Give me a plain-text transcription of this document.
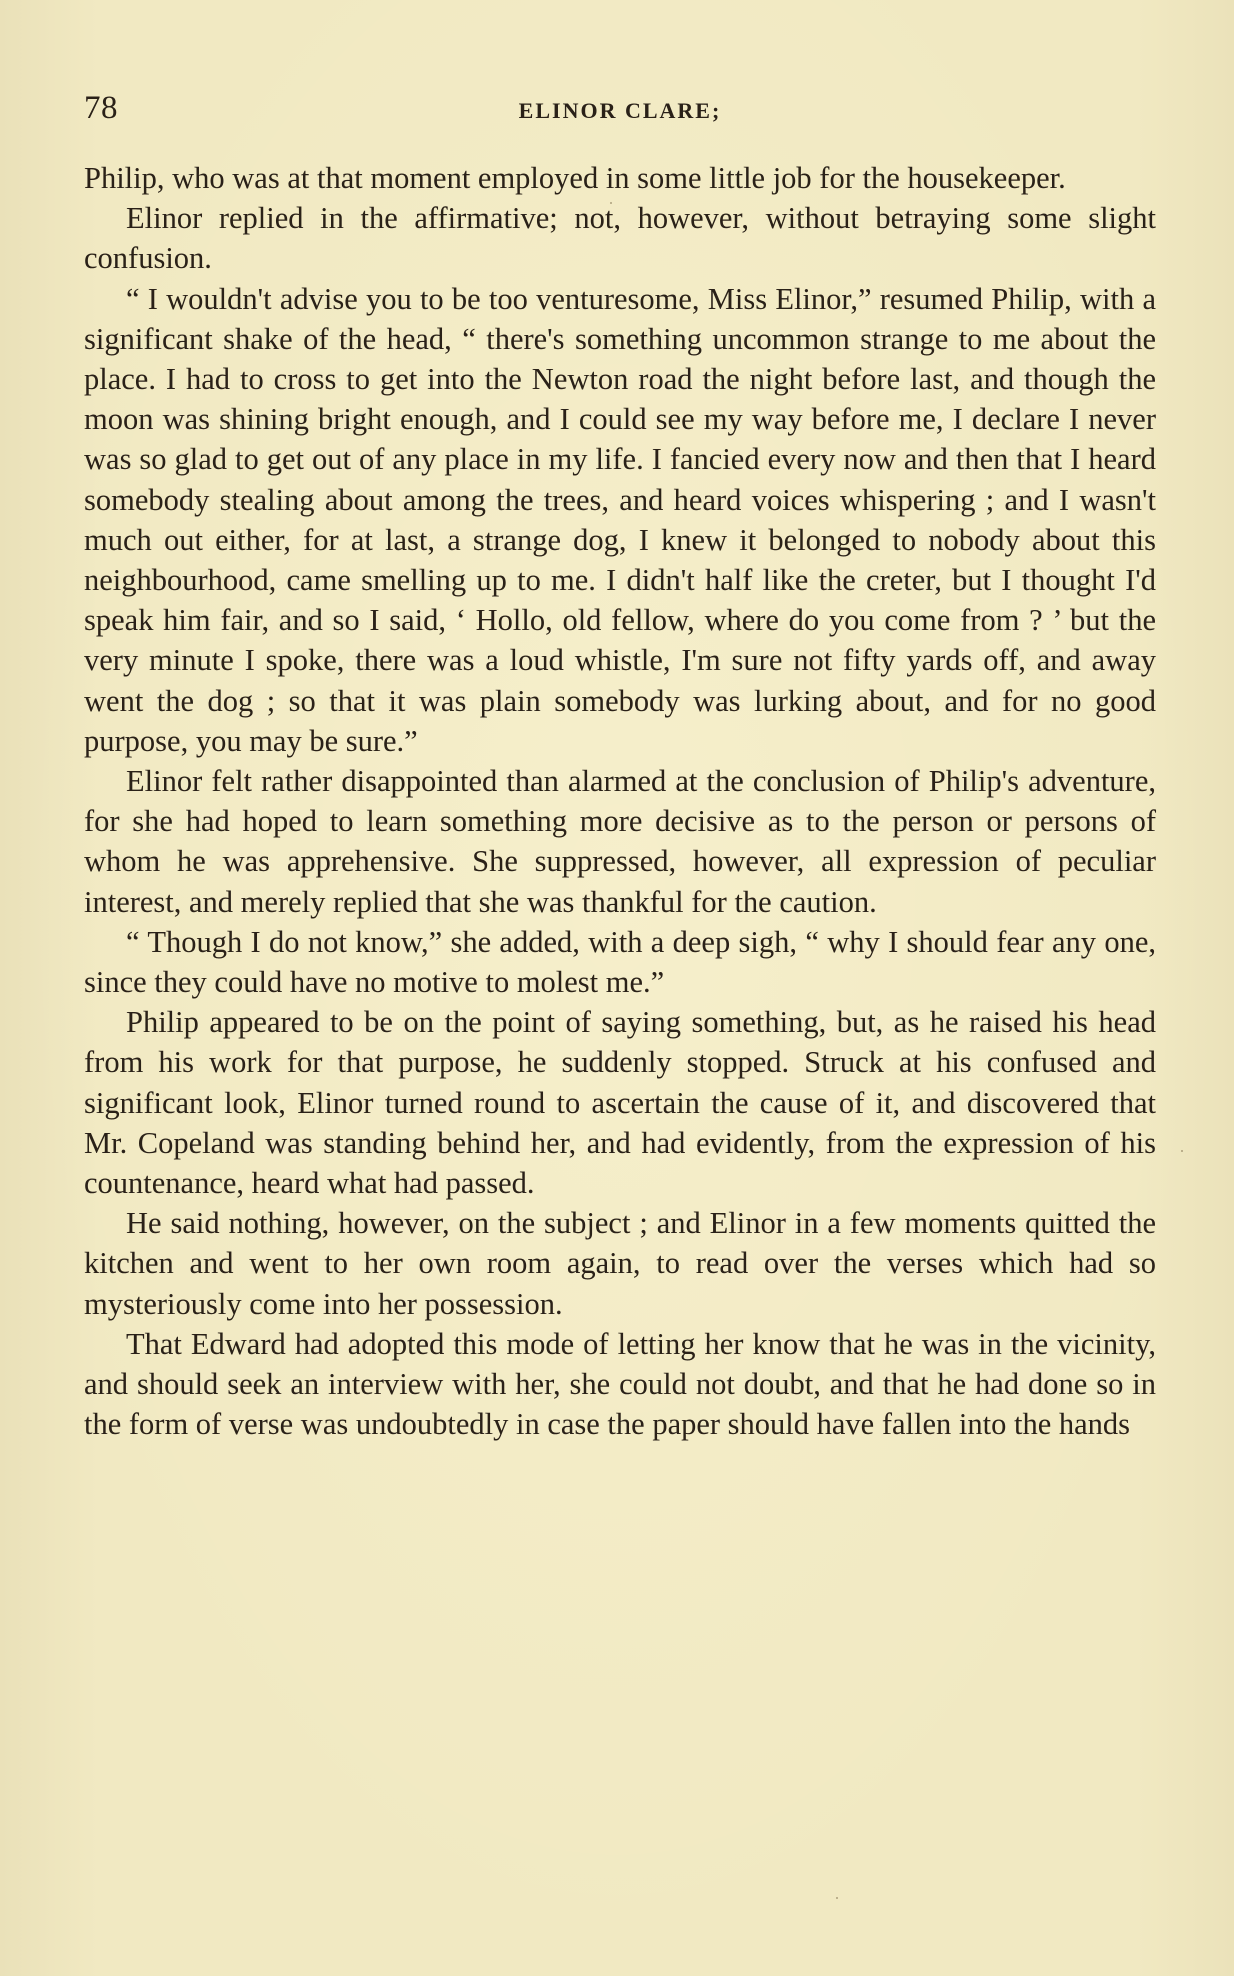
78	ELINOR CLARE;

Philip, who was at that moment employed in some little job for the housekeeper.

Elinor replied in the affirmative; not, however, without betraying some slight confusion.

“ I wouldn't advise you to be too venturesome, Miss Elinor,” resumed Philip, with a significant shake of the head, “ there's something uncommon strange to me about the place. I had to cross to get into the Newton road the night before last, and though the moon was shining bright enough, and I could see my way before me, I declare I never was so glad to get out of any place in my life. I fancied every now and then that I heard somebody stealing about among the trees, and heard voices whispering ; and I wasn't much out either, for at last, a strange dog, I knew it belonged to nobody about this neighbourhood, came smelling up to me. I didn't half like the creter, but I thought I'd speak him fair, and so I said, ‘ Hollo, old fellow, where do you come from ? ’ but the very minute I spoke, there was a loud whistle, I'm sure not fifty yards off, and away went the dog ; so that it was plain somebody was lurking about, and for no good purpose, you may be sure.”

Elinor felt rather disappointed than alarmed at the conclusion of Philip's adventure, for she had hoped to learn something more decisive as to the person or persons of whom he was apprehensive. She suppressed, however, all expression of peculiar interest, and merely replied that she was thankful for the caution.

“ Though I do not know,” she added, with a deep sigh, “ why I should fear any one, since they could have no motive to molest me.”

Philip appeared to be on the point of saying something, but, as he raised his head from his work for that purpose, he suddenly stopped. Struck at his confused and significant look, Elinor turned round to ascertain the cause of it, and discovered that Mr. Copeland was standing behind her, and had evidently, from the expression of his countenance, heard what had passed.

He said nothing, however, on the subject ; and Elinor in a few moments quitted the kitchen and went to her own room again, to read over the verses which had so mysteriously come into her possession.

That Edward had adopted this mode of letting her know that he was in the vicinity, and should seek an interview with her, she could not doubt, and that he had done so in the form of verse was undoubtedly in case the paper should have fallen into the hands
